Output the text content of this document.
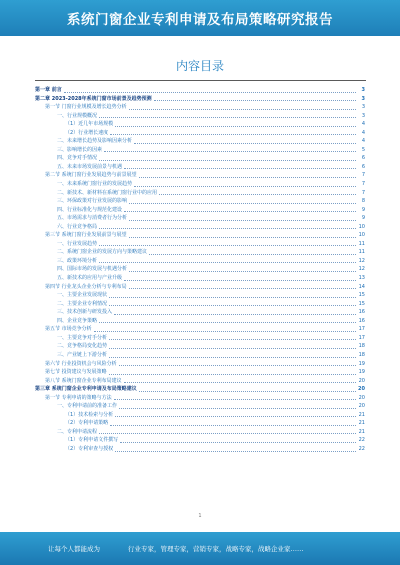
系统门窗企业专利申请及布局策略研究报告
内容目录
第一章 前言	3
第二章 2023-2028年系统门窗市场前景及趋势预测	3
第一节 门窗行业规模及增长趋势分析	3
一、行业规模概况	3
（1）近几年市场规模	4
（2）行业增长速度	4
二、未来增长趋势及影响因素分析	4
三、影响增长的因素	5
四、竞争对手情况	6
五、未来市场发展前景与机遇	6
第二节 系统门窗行业发展趋势与前景展望	7
一、未来系统门窗行业的发展趋势	7
二、新技术、新材料在系统门窗行业中的应用	7
三、环保政策对行业发展的影响	8
四、行业标准化与规范化建设	9
五、市场需求与消费者行为分析	9
六、行业竞争格局	10
第三节 系统门窗行业发展前景与展望	10
一、行业发展趋势	11
二、系统门窗企业的发展方向与策略建议	11
三、政策环境分析	12
四、国际市场的发展与机遇分析	12
五、新技术的应用与产业升级	13
第四节 行业龙头企业分析与专利布局	14
一、主要企业发展现状	15
二、主要企业专利情况	15
三、技术创新与研发投入	16
四、企业竞争策略	16
第五节 市场竞争分析	17
一、主要竞争对手分析	17
二、竞争格局变化趋势	18
三、产业链上下游分析	18
第六节 行业投资机会与风险分析	19
第七节 投资建议与发展策略	19
第八节 系统门窗企业专利布局建议	20
第三章 系统门窗企业专利申请及布局策略建议	20
第一节 专利申请的策略与方法	20
一、专利申请前的准备工作	20
（1）技术检索与分析	21
（2）专利申请策略	21
二、专利申请流程	21
（1）专利申请文件撰写	22
（2）专利审查与授权	22
1
让每个人都能成为	行业专家，管理专家，营销专家，战略专家，战略企业家……
